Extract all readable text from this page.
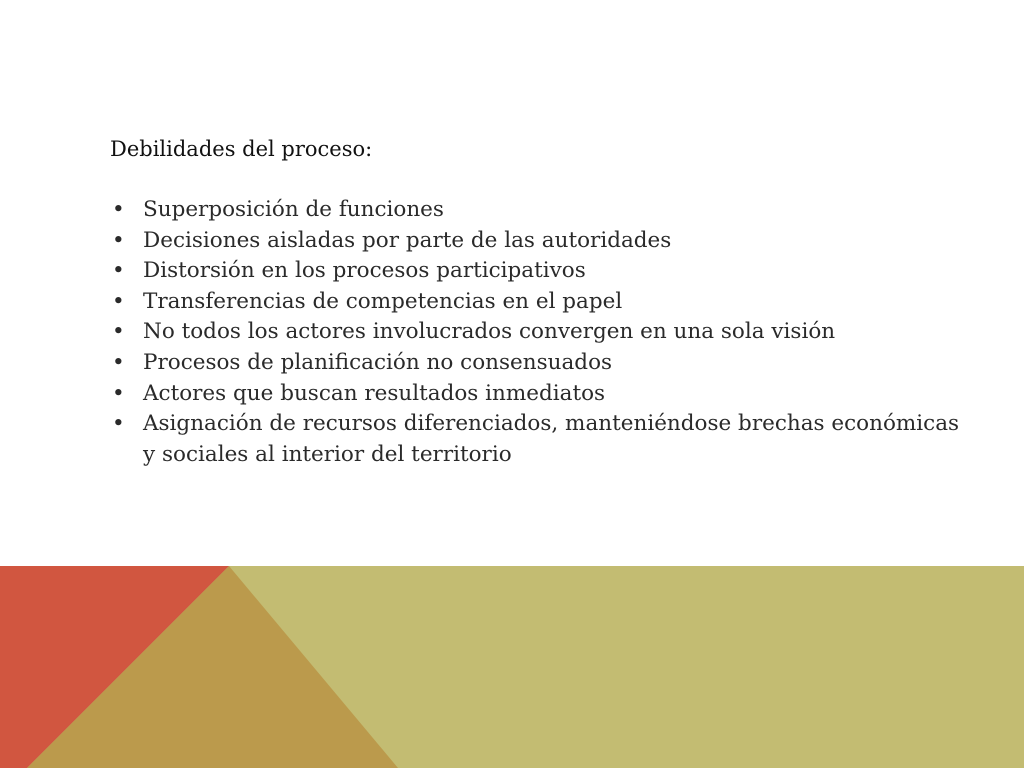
Debilidades del proceso:
• Superposición de funciones
• Decisiones aisladas por parte de las autoridades
• Distorsión en los procesos participativos
• Transferencias de competencias en el papel
• No todos los actores involucrados convergen en una sola visión
• Procesos de planificación no consensuados
• Actores que buscan resultados inmediatos
• Asignación de recursos diferenciados, manteniéndose brechas económicas y sociales al interior del territorio
